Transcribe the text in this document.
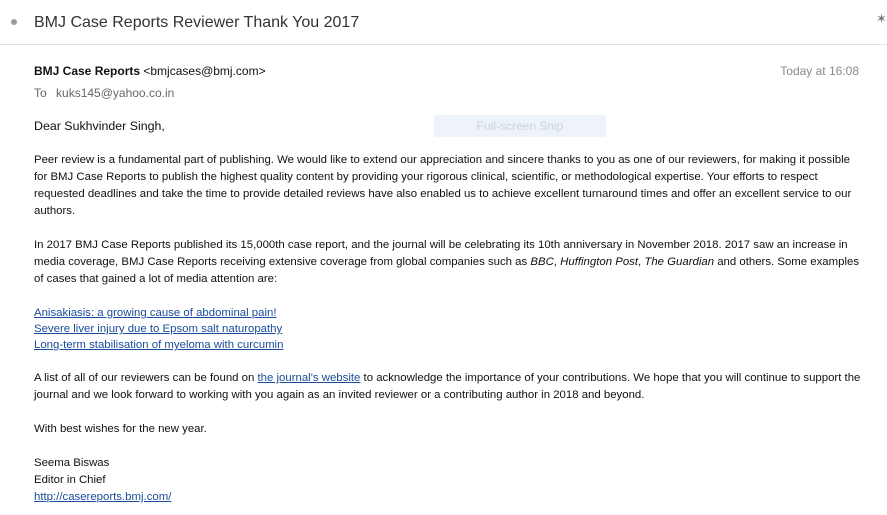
BMJ Case Reports Reviewer Thank You 2017	✶
BMJ Case Reports <bmjcases@bmj.com>	Today at 16:08
To kuks145@yahoo.co.in
Full-screen Snip
Dear Sukhvinder Singh,

Peer review is a fundamental part of publishing. We would like to extend our appreciation and sincere thanks to you as one of our reviewers, for making it possible for BMJ Case Reports to publish the highest quality content by providing your rigorous clinical, scientific, or methodological expertise. Your efforts to respect requested deadlines and take the time to provide detailed reviews have also enabled us to achieve excellent turnaround times and offer an excellent service to our authors.

In 2017 BMJ Case Reports published its 15,000th case report, and the journal will be celebrating its 10th anniversary in November 2018. 2017 saw an increase in media coverage, BMJ Case Reports receiving extensive coverage from global companies such as BBC, Huffington Post, The Guardian and others. Some examples of cases that gained a lot of media attention are:

Anisakiasis: a growing cause of abdominal pain!
Severe liver injury due to Epsom salt naturopathy
Long-term stabilisation of myeloma with curcumin

A list of all of our reviewers can be found on the journal's website to acknowledge the importance of your contributions. We hope that you will continue to support the journal and we look forward to working with you again as an invited reviewer or a contributing author in 2018 and beyond.

With best wishes for the new year.

Seema Biswas
Editor in Chief
http://casereports.bmj.com/
